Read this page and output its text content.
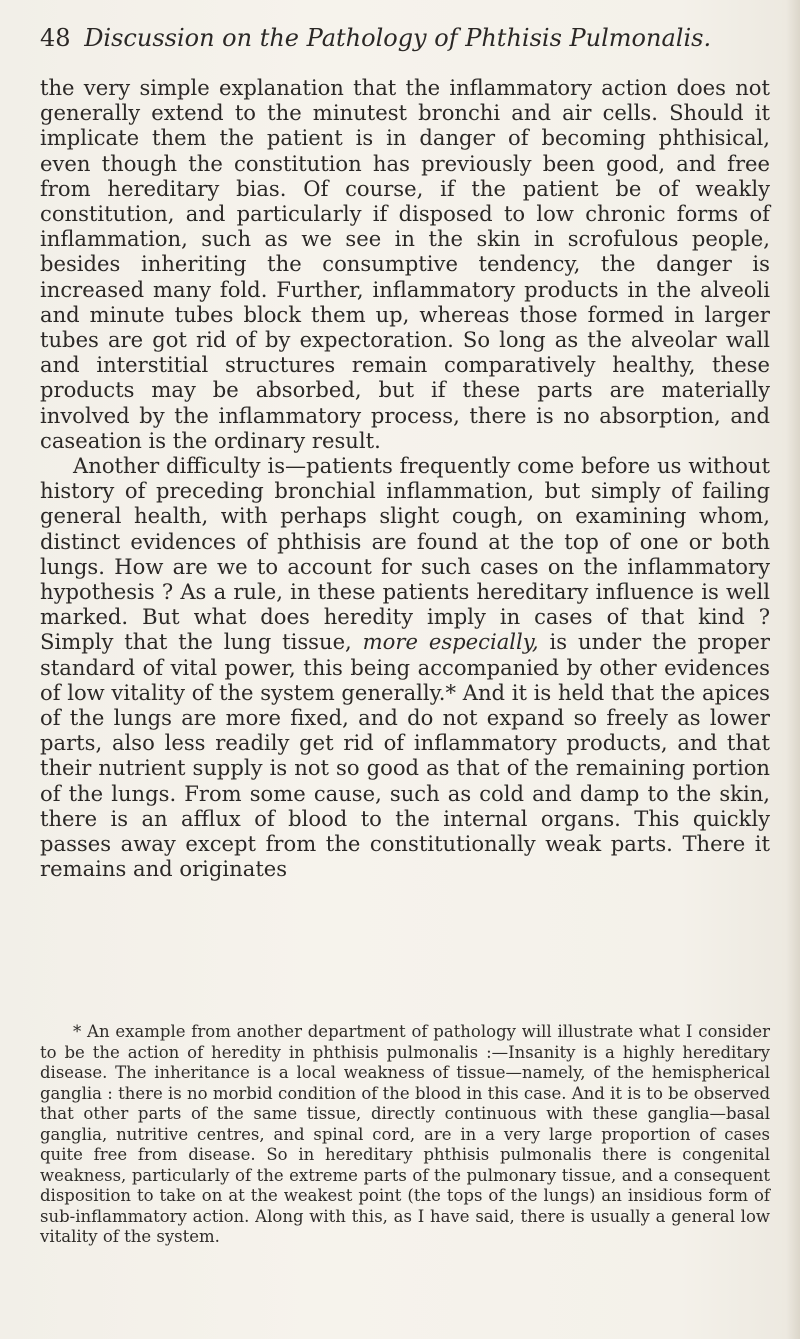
48 Discussion on the Pathology of Phthisis Pulmonalis.

the very simple explanation that the inflammatory action does not generally extend to the minutest bronchi and air cells. Should it implicate them the patient is in danger of becoming phthisical, even though the constitution has previously been good, and free from hereditary bias. Of course, if the patient be of weakly constitution, and particularly if disposed to low chronic forms of inflammation, such as we see in the skin in scrofulous people, besides inheriting the consumptive tendency, the danger is increased many fold. Further, inflammatory products in the alveoli and minute tubes block them up, whereas those formed in larger tubes are got rid of by expectoration. So long as the alveolar wall and interstitial structures remain comparatively healthy, these products may be absorbed, but if these parts are materially involved by the inflammatory process, there is no absorption, and caseation is the ordinary result.

Another difficulty is—patients frequently come before us without history of preceding bronchial inflammation, but simply of failing general health, with perhaps slight cough, on examining whom, distinct evidences of phthisis are found at the top of one or both lungs. How are we to account for such cases on the inflammatory hypothesis ? As a rule, in these patients hereditary influence is well marked. But what does heredity imply in cases of that kind ? Simply that the lung tissue, more especially, is under the proper standard of vital power, this being accompanied by other evidences of low vitality of the system generally.* And it is held that the apices of the lungs are more fixed, and do not expand so freely as lower parts, also less readily get rid of inflammatory products, and that their nutrient supply is not so good as that of the remaining portion of the lungs. From some cause, such as cold and damp to the skin, there is an afflux of blood to the internal organs. This quickly passes away except from the constitutionally weak parts. There it remains and originates

* An example from another department of pathology will illustrate what I consider to be the action of heredity in phthisis pulmonalis :—Insanity is a highly hereditary disease. The inheritance is a local weakness of tissue—namely, of the hemispherical ganglia : there is no morbid condition of the blood in this case. And it is to be observed that other parts of the same tissue, directly continuous with these ganglia—basal ganglia, nutritive centres, and spinal cord, are in a very large proportion of cases quite free from disease. So in hereditary phthisis pulmonalis there is congenital weakness, particularly of the extreme parts of the pulmonary tissue, and a consequent disposition to take on at the weakest point (the tops of the lungs) an insidious form of sub-inflammatory action. Along with this, as I have said, there is usually a general low vitality of the system.
